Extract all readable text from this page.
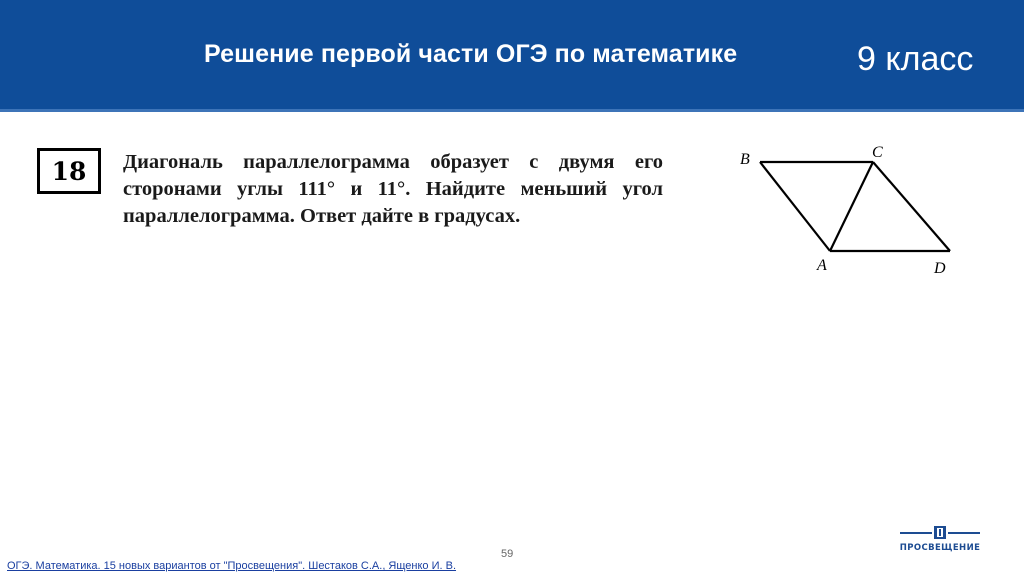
Решение первой части ОГЭ по математике	9 класс
18 Диагональ параллелограмма образует с двумя его сторонами углы 111° и 11°. Найдите меньший угол параллелограмма. Ответ дайте в градусах.
B	C
A	D
59
ОГЭ. Математика. 15 новых вариантов от "Просвещения". Шестаков С.А., Ященко И. В.
ПРОСВЕЩЕНИЕ
